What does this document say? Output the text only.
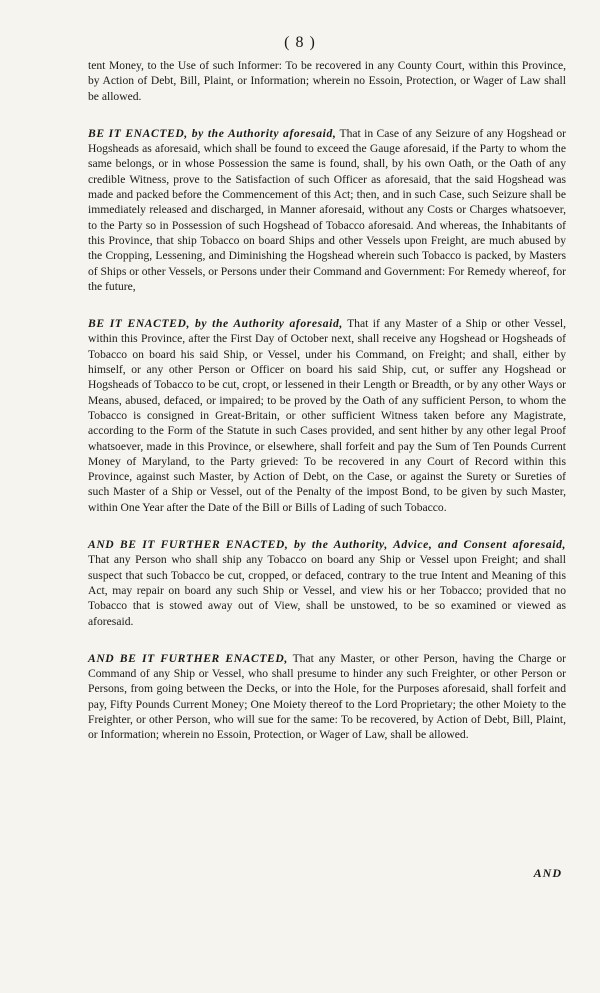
( 8 )

tent Money, to the Use of such Informer: To be recovered in any County Court, within this Province, by Action of Debt, Bill, Plaint, or Information; wherein no Essoin, Protection, or Wager of Law shall be allowed.

BE IT ENACTED, by the Authority aforesaid, That in Case of any Seizure of any Hogshead or Hogsheads as aforesaid, which shall be found to exceed the Gauge aforesaid, if the Party to whom the same belongs, or in whose Possession the same is found, shall, by his own Oath, or the Oath of any credible Witness, prove to the Satisfaction of such Officer as aforesaid, that the said Hogshead was made and packed before the Commencement of this Act; then, and in such Case, such Seizure shall be immediately released and discharged, in Manner aforesaid, without any Costs or Charges whatsoever, to the Party so in Possession of such Hogshead of Tobacco aforesaid. And whereas, the Inhabitants of this Province, that ship Tobacco on board Ships and other Vessels upon Freight, are much abused by the Cropping, Lessening, and Diminishing the Hogshead wherein such Tobacco is packed, by Masters of Ships or other Vessels, or Persons under their Command and Government: For Remedy whereof, for the future,

BE IT ENACTED, by the Authority aforesaid, That if any Master of a Ship or other Vessel, within this Province, after the First Day of October next, shall receive any Hogshead or Hogsheads of Tobacco on board his said Ship, or Vessel, under his Command, on Freight; and shall, either by himself, or any other Person or Officer on board his said Ship, cut, or suffer any Hogshead or Hogsheads of Tobacco to be cut, cropt, or lessened in their Length or Breadth, or by any other Ways or Means, abused, defaced, or impaired; to be proved by the Oath of any sufficient Person, to whom the Tobacco is consigned in Great-Britain, or other sufficient Witness taken before any Magistrate, according to the Form of the Statute in such Cases provided, and sent hither by any other legal Proof whatsoever, made in this Province, or elsewhere, shall forfeit and pay the Sum of Ten Pounds Current Money of Maryland, to the Party grieved: To be recovered in any Court of Record within this Province, against such Master, by Action of Debt, on the Case, or against the Surety or Sureties of such Master of a Ship or Vessel, out of the Penalty of the impost Bond, to be given by such Master, within One Year after the Date of the Bill or Bills of Lading of such Tobacco.

AND BE IT FURTHER ENACTED, by the Authority, Advice, and Consent aforesaid, That any Person who shall ship any Tobacco on board any Ship or Vessel upon Freight; and shall suspect that such Tobacco be cut, cropped, or defaced, contrary to the true Intent and Meaning of this Act, may repair on board any such Ship or Vessel, and view his or her Tobacco; provided that no Tobacco that is stowed away out of View, shall be unstowed, to be so examined or viewed as aforesaid.

AND BE IT FURTHER ENACTED, That any Master, or other Person, having the Charge or Command of any Ship or Vessel, who shall presume to hinder any such Freighter, or other Person or Persons, from going between the Decks, or into the Hole, for the Purposes aforesaid, shall forfeit and pay, Fifty Pounds Current Money; One Moiety thereof to the Lord Proprietary; the other Moiety to the Freighter, or other Person, who will sue for the same: To be recovered, by Action of Debt, Bill, Plaint, or Information; wherein no Essoin, Protection, or Wager of Law, shall be allowed.

AND
